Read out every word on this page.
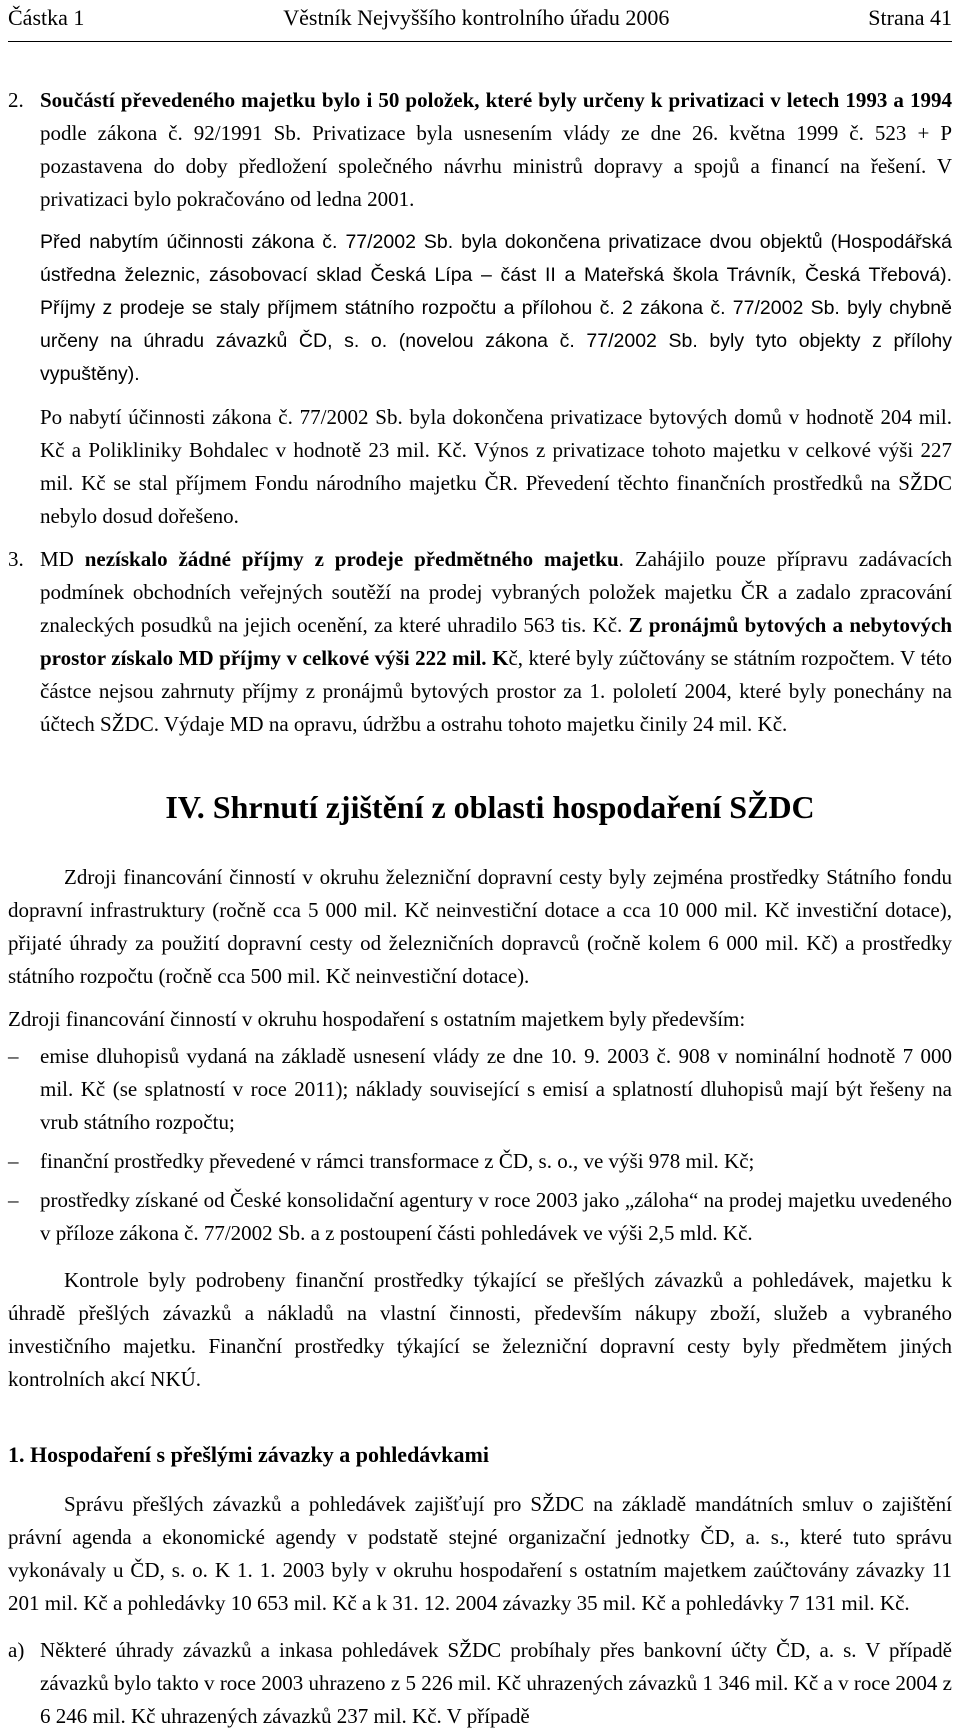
Částka 1	Věstník Nejvyššího kontrolního úřadu 2006	Strana 41
2. Součástí převedeného majetku bylo i 50 položek, které byly určeny k privatizaci v letech 1993 a 1994 podle zákona č. 92/1991 Sb. Privatizace byla usnesením vlády ze dne 26. května 1999 č. 523 + P pozastavena do doby předložení společného návrhu ministrů dopravy a spojů a financí na řešení. V privatizaci bylo pokračováno od ledna 2001.

Před nabytím účinnosti zákona č. 77/2002 Sb. byla dokončena privatizace dvou objektů (Hospodářská ústředna železnic, zásobovací sklad Česká Lípa – část II a Mateřská škola Trávník, Česká Třebová). Příjmy z prodeje se staly příjmem státního rozpočtu a přílohou č. 2 zákona č. 77/2002 Sb. byly chybně určeny na úhradu závazků ČD, s. o. (novelou zákona č. 77/2002 Sb. byly tyto objekty z přílohy vypuštěny).

Po nabytí účinnosti zákona č. 77/2002 Sb. byla dokončena privatizace bytových domů v hodnotě 204 mil. Kč a Polikliniky Bohdalec v hodnotě 23 mil. Kč. Výnos z privatizace tohoto majetku v celkové výši 227 mil. Kč se stal příjmem Fondu národního majetku ČR. Převedení těchto finančních prostředků na SŽDC nebylo dosud dořešeno.

3. MD nezískalo žádné příjmy z prodeje předmětného majetku. Zahájilo pouze přípravu zadávacích podmínek obchodních veřejných soutěží na prodej vybraných položek majetku ČR a zadalo zpracování znaleckých posudků na jejich ocenění, za které uhradilo 563 tis. Kč. Z pronájmů bytových a nebytových prostor získalo MD příjmy v celkové výši 222 mil. Kč, které byly zúčtovány se státním rozpočtem. V této částce nejsou zahrnuty příjmy z pronájmů bytových prostor za 1. pololetí 2004, které byly ponechány na účtech SŽDC. Výdaje MD na opravu, údržbu a ostrahu tohoto majetku činily 24 mil. Kč.

IV. Shrnutí zjištění z oblasti hospodaření SŽDC

Zdroji financování činností v okruhu železniční dopravní cesty byly zejména prostředky Státního fondu dopravní infrastruktury (ročně cca 5 000 mil. Kč neinvestiční dotace a cca 10 000 mil. Kč investiční dotace), přijaté úhrady za použití dopravní cesty od železničních dopravců (ročně kolem 6 000 mil. Kč) a prostředky státního rozpočtu (ročně cca 500 mil. Kč neinvestiční dotace).

Zdroji financování činností v okruhu hospodaření s ostatním majetkem byly především:

–	emise dluhopisů vydaná na základě usnesení vlády ze dne 10. 9. 2003 č. 908 v nominální hodnotě 7 000 mil. Kč (se splatností v roce 2011); náklady související s emisí a splatností dluhopisů mají být řešeny na vrub státního rozpočtu;

–	finanční prostředky převedené v rámci transformace z ČD, s. o., ve výši 978 mil. Kč;

–	prostředky získané od České konsolidační agentury v roce 2003 jako „záloha“ na prodej majetku uvedeného v příloze zákona č. 77/2002 Sb. a z postoupení části pohledávek ve výši 2,5 mld. Kč.

Kontrole byly podrobeny finanční prostředky týkající se přešlých závazků a pohledávek, majetku k úhradě přešlých závazků a nákladů na vlastní činnosti, především nákupy zboží, služeb a vybraného investičního majetku. Finanční prostředky týkající se železniční dopravní cesty byly předmětem jiných kontrolních akcí NKÚ.

1. Hospodaření s přešlými závazky a pohledávkami

Správu přešlých závazků a pohledávek zajišťují pro SŽDC na základě mandátních smluv o zajištění právní agenda a ekonomické agendy v podstatě stejné organizační jednotky ČD, a. s., které tuto správu vykonávaly u ČD, s. o. K 1. 1. 2003 byly v okruhu hospodaření s ostatním majetkem zaúčtovány závazky 11 201 mil. Kč a pohledávky 10 653 mil. Kč a k 31. 12. 2004 závazky 35 mil. Kč a pohledávky 7 131 mil. Kč.

a) Některé úhrady závazků a inkasa pohledávek SŽDC probíhaly přes bankovní účty ČD, a. s. V případě závazků bylo takto v roce 2003 uhrazeno z 5 226 mil. Kč uhrazených závazků 1 346 mil. Kč a v roce 2004 z 6 246 mil. Kč uhrazených závazků 237 mil. Kč. V případě
